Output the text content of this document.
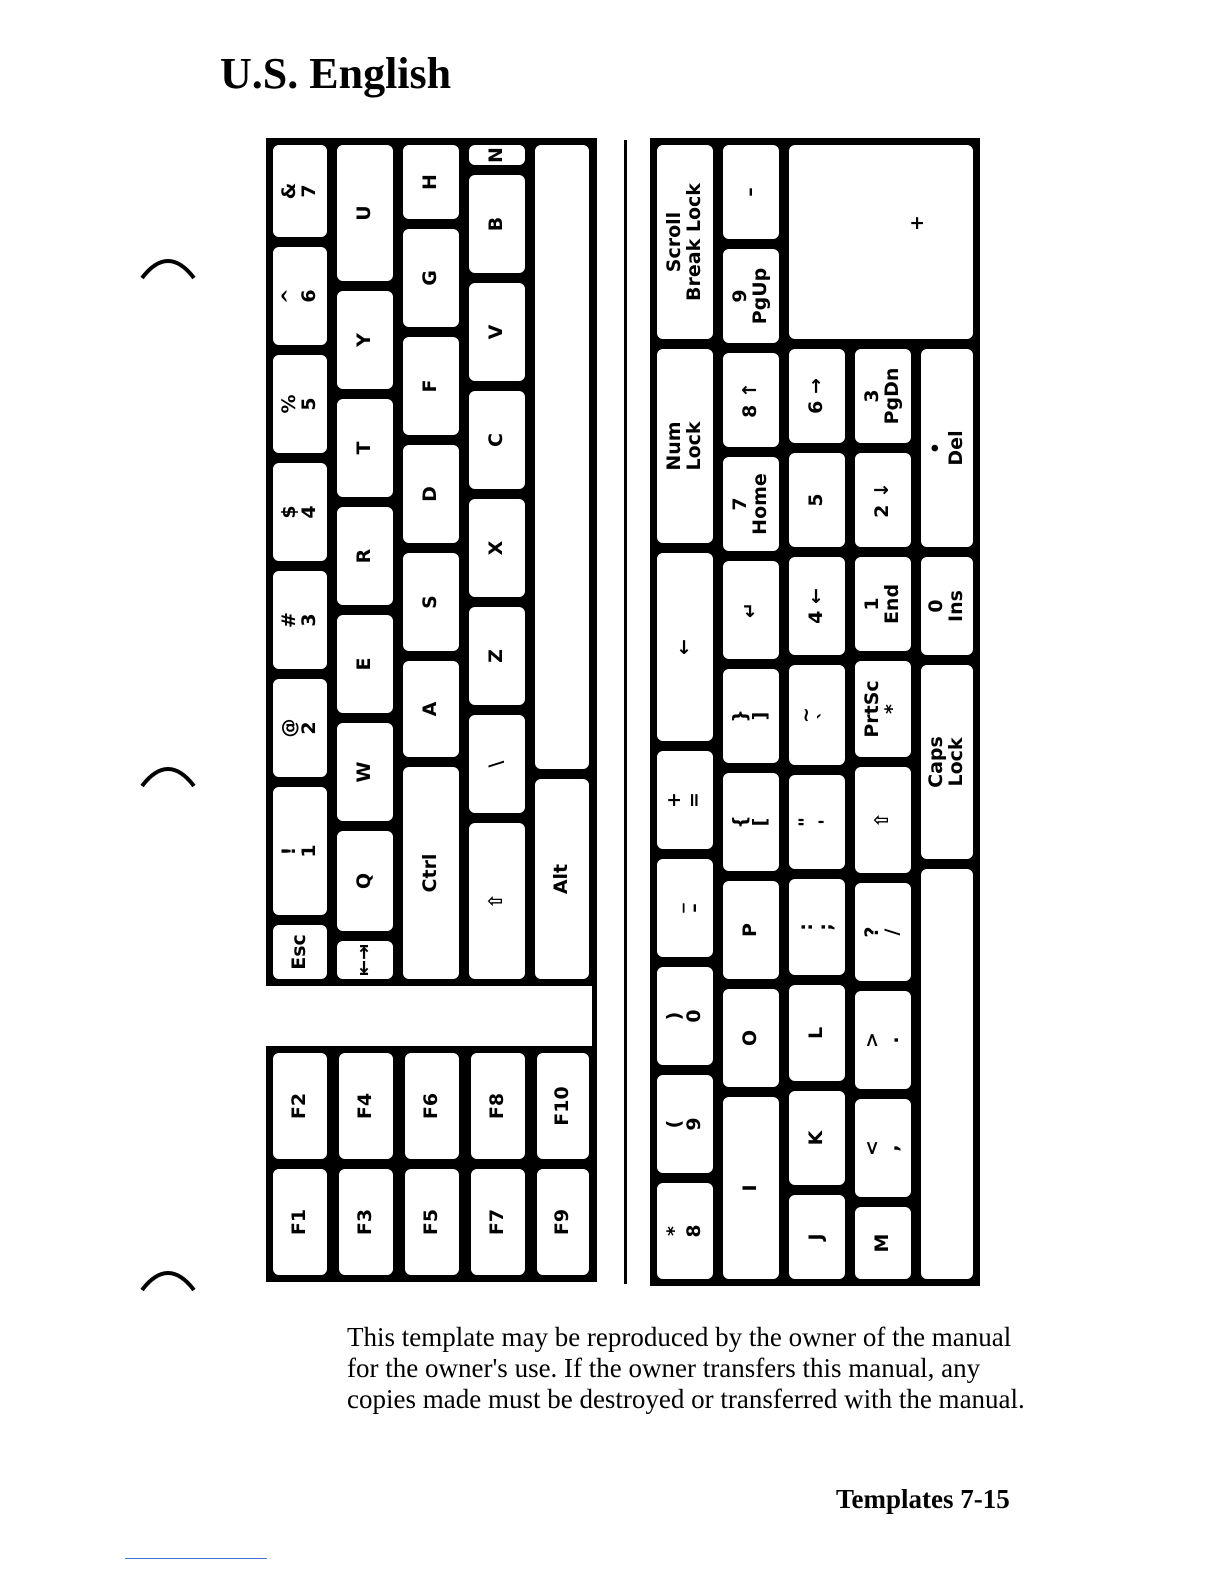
U.S. English
Esc ⇤⇥
Ctrl
⇧
Alt
!
1
@
2
#
3
$
4
%
5
^
6
&
7
Q
W
E
R
T
Y
U
A
S
D
F
G
H
\
Z
X
C
V
B
N
F2 F4 F6 F8 F10
F1 F3 F5 F7 F9
Scroll
Break Lock
Num
Lock
←
+
=
_
–
)
0
(
9
*
8
–
9
PgUp
8 ↑
7
Home
↵
}
]
{
[
P
O
I
6 →
5
4 ←
~
`
"
'
:
;
L
K
J
+
3
PgDn
2 ↓
1
End
PrtSc
*
⇧
?
/
>
.
<
,
M
•
Del
0
Ins
Caps
Lock

This template may be reproduced by the owner of the manual for the owner's use. If the owner transfers this manual, any copies made must be destroyed or transferred with the manual.

Templates 7-15
